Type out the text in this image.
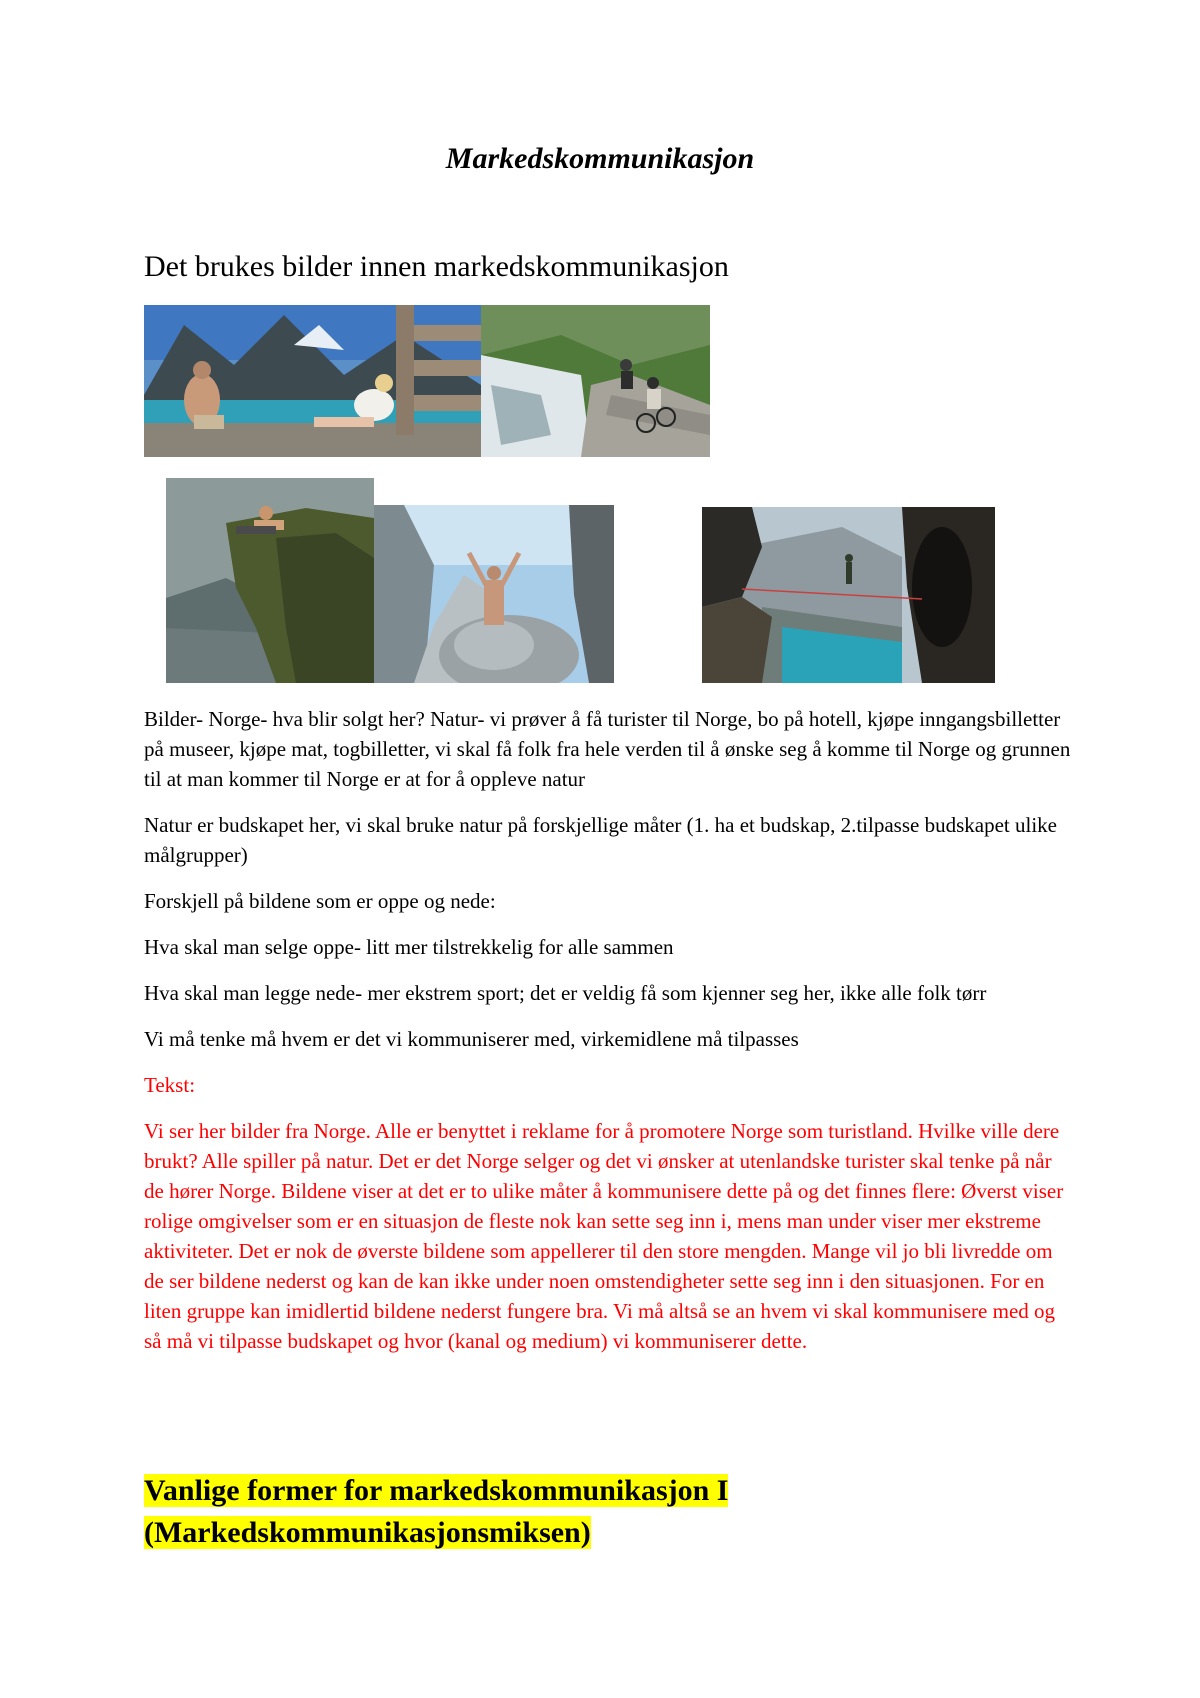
Markedskommunikasjon
Det brukes bilder innen markedskommunikasjon

Bilder- Norge- hva blir solgt her? Natur- vi prøver å få turister til Norge, bo på hotell, kjøpe inngangsbilletter på museer, kjøpe mat, togbilletter, vi skal få folk fra hele verden til å ønske seg å komme til Norge og grunnen til at man kommer til Norge er at for å oppleve natur

Natur er budskapet her, vi skal bruke natur på forskjellige måter (1. ha et budskap, 2.tilpasse budskapet ulike målgrupper)

Forskjell på bildene som er oppe og nede:

Hva skal man selge oppe- litt mer tilstrekkelig for alle sammen

Hva skal man legge nede- mer ekstrem sport; det er veldig få som kjenner seg her, ikke alle folk tørr

Vi må tenke må hvem er det vi kommuniserer med, virkemidlene må tilpasses

Tekst:

Vi ser her bilder fra Norge. Alle er benyttet i reklame for å promotere Norge som turistland. Hvilke ville dere brukt? Alle spiller på natur. Det er det Norge selger og det vi ønsker at utenlandske turister skal tenke på når de hører Norge. Bildene viser at det er to ulike måter å kommunisere dette på og det finnes flere: Øverst viser rolige omgivelser som er en situasjon de fleste nok kan sette seg inn i, mens man under viser mer ekstreme aktiviteter. Det er nok de øverste bildene som appellerer til den store mengden. Mange vil jo bli livredde om de ser bildene nederst og kan de kan ikke under noen omstendigheter sette seg inn i den situasjonen. For en liten gruppe kan imidlertid bildene nederst fungere bra. Vi må altså se an hvem vi skal kommunisere med og så må vi tilpasse budskapet og hvor (kanal og medium) vi kommuniserer dette.

Vanlige former for markedskommunikasjon I
(Markedskommunikasjonsmiksen)
